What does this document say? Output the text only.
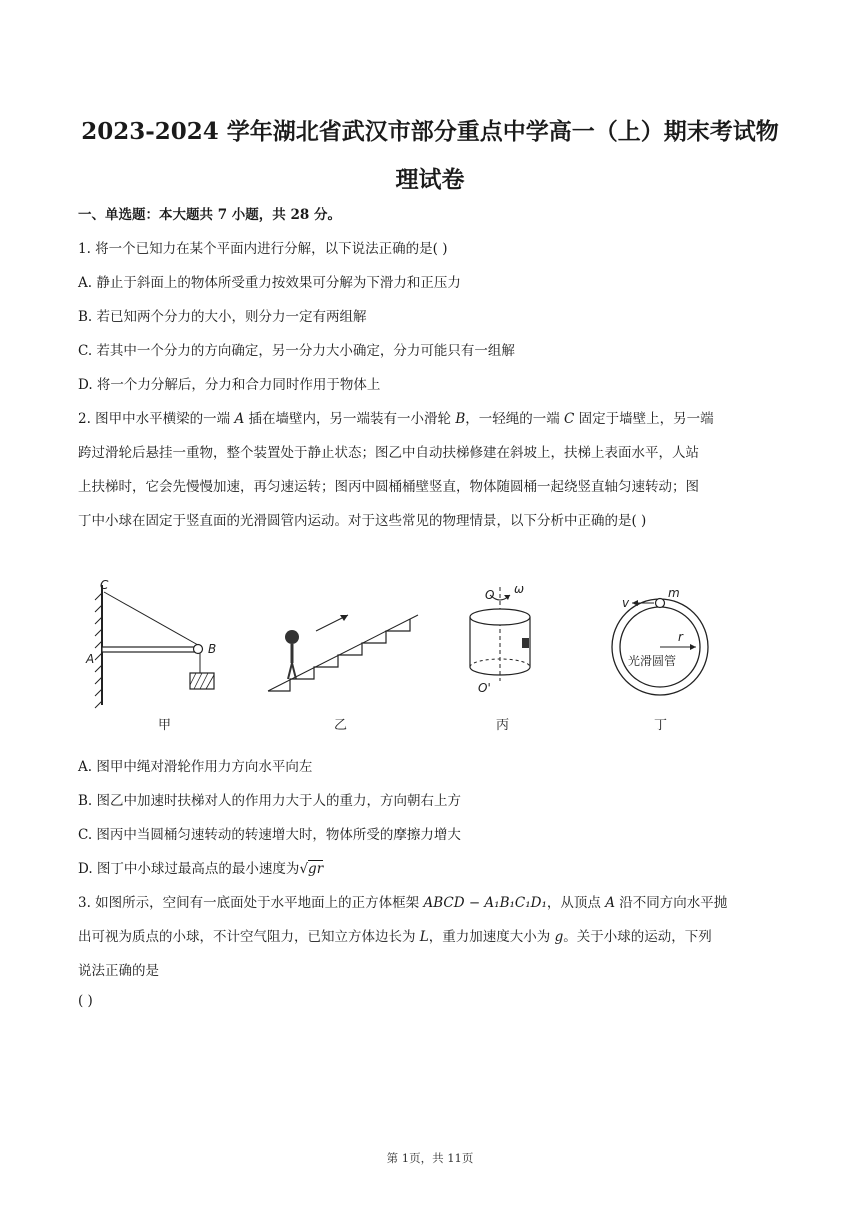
2023-2024 学年湖北省武汉市部分重点中学高一（上）期末考试物理试卷
一、单选题：本大题共 7 小题，共 28 分。
1. 将一个已知力在某个平面内进行分解，以下说法正确的是( )
A. 静止于斜面上的物体所受重力按效果可分解为下滑力和正压力
B. 若已知两个分力的大小，则分力一定有两组解
C. 若其中一个分力的方向确定，另一分力大小确定，分力可能只有一组解
D. 将一个力分解后，分力和合力同时作用于物体上
2. 图甲中水平横梁的一端 A 插在墙壁内，另一端装有一小滑轮 B，一轻绳的一端 C 固定于墙壁上，另一端
跨过滑轮后悬挂一重物，整个装置处于静止状态；图乙中自动扶梯修建在斜坡上，扶梯上表面水平，人站
上扶梯时，它会先慢慢加速，再匀速运转；图丙中圆桶桶壁竖直，物体随圆桶一起绕竖直轴匀速转动；图
丁中小球在固定于竖直面的光滑圆管内运动。对于这些常见的物理情景，以下分析中正确的是( )
C
A
B
甲	乙
O
O'
ω
丙
v
m
r
光滑圆管
丁
A. 图甲中绳对滑轮作用力方向水平向左
B. 图乙中加速时扶梯对人的作用力大于人的重力，方向朝右上方
C. 图丙中当圆桶匀速转动的转速增大时，物体所受的摩擦力增大
D. 图丁中小球过最高点的最小速度为√gr
3. 如图所示，空间有一底面处于水平地面上的正方体框架 ABCD − A₁B₁C₁D₁，从顶点 A 沿不同方向水平抛
出可视为质点的小球，不计空气阻力，已知立方体边长为 L，重力加速度大小为 g。关于小球的运动，下列
说法正确的是
( )
第 1页，共 11页
